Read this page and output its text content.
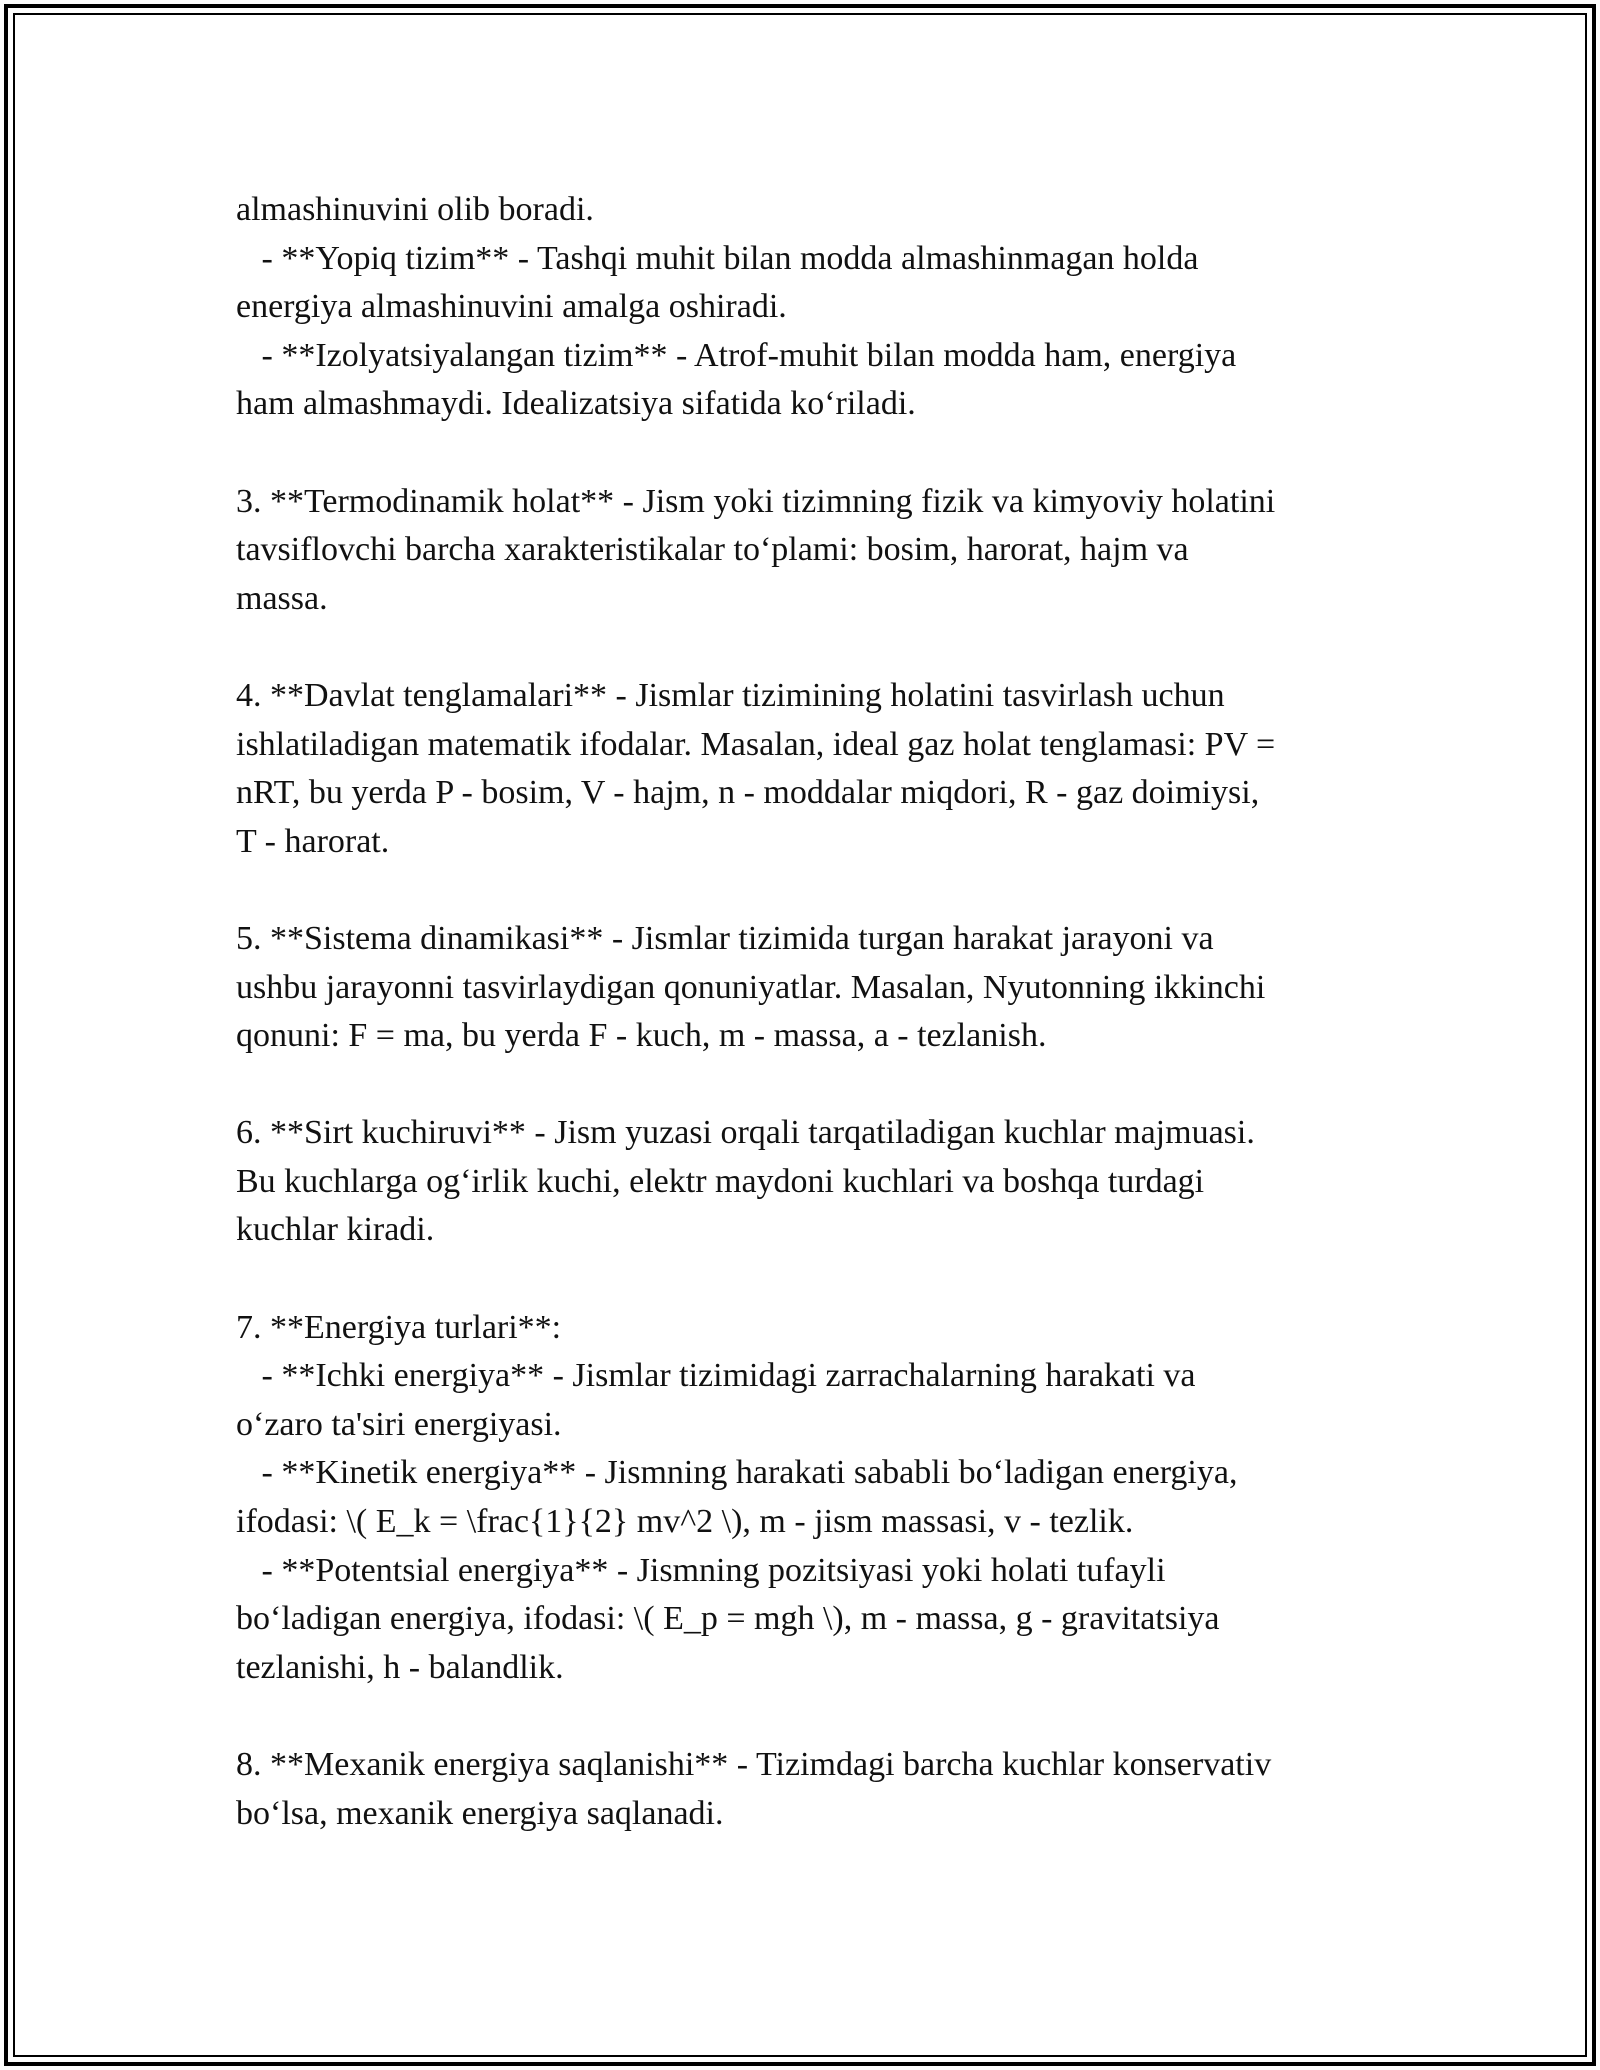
almashinuvini olib boradi.
- **Yopiq tizim** - Tashqi muhit bilan modda almashinmagan holda
energiya almashinuvini amalga oshiradi.
- **Izolyatsiyalangan tizim** - Atrof-muhit bilan modda ham, energiya
ham almashmaydi. Idealizatsiya sifatida ko‘riladi.
3. **Termodinamik holat** - Jism yoki tizimning fizik va kimyoviy holatini
tavsiflovchi barcha xarakteristikalar to‘plami: bosim, harorat, hajm va
massa.
4. **Davlat tenglamalari** - Jismlar tizimining holatini tasvirlash uchun
ishlatiladigan matematik ifodalar. Masalan, ideal gaz holat tenglamasi: PV =
nRT, bu yerda P - bosim, V - hajm, n - moddalar miqdori, R - gaz doimiysi,
T - harorat.
5. **Sistema dinamikasi** - Jismlar tizimida turgan harakat jarayoni va
ushbu jarayonni tasvirlaydigan qonuniyatlar. Masalan, Nyutonning ikkinchi
qonuni: F = ma, bu yerda F - kuch, m - massa, a - tezlanish.
6. **Sirt kuchiruvi** - Jism yuzasi orqali tarqatiladigan kuchlar majmuasi.
Bu kuchlarga og‘irlik kuchi, elektr maydoni kuchlari va boshqa turdagi
kuchlar kiradi.
7. **Energiya turlari**:
- **Ichki energiya** - Jismlar tizimidagi zarrachalarning harakati va
o‘zaro ta'siri energiyasi.
- **Kinetik energiya** - Jismning harakati sababli bo‘ladigan energiya,
ifodasi: \( E_k = \frac{1}{2} mv^2 \), m - jism massasi, v - tezlik.
- **Potentsial energiya** - Jismning pozitsiyasi yoki holati tufayli
bo‘ladigan energiya, ifodasi: \( E_p = mgh \), m - massa, g - gravitatsiya
tezlanishi, h - balandlik.
8. **Mexanik energiya saqlanishi** - Tizimdagi barcha kuchlar konservativ
bo‘lsa, mexanik energiya saqlanadi.
